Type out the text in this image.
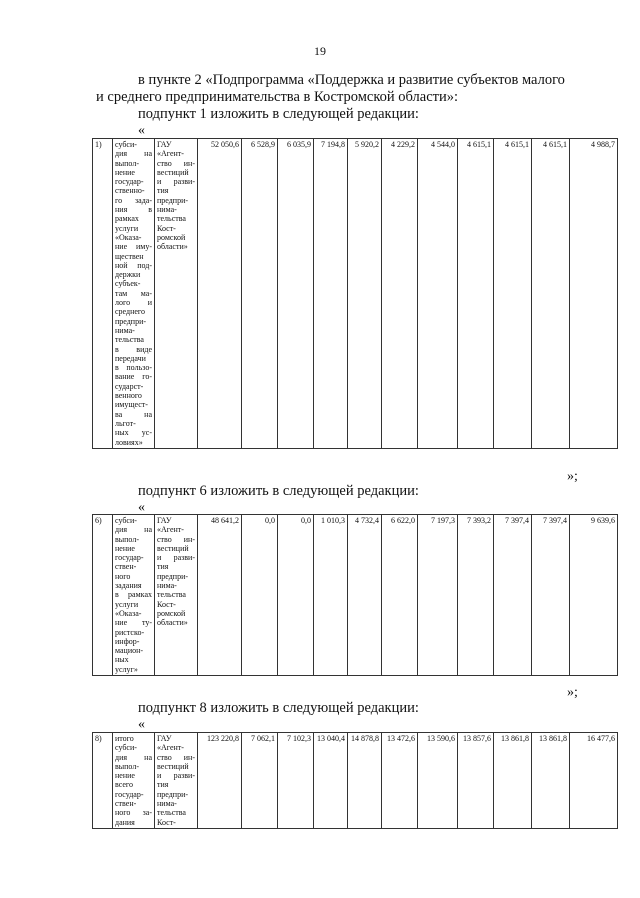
19
в пункте 2 «Подпрограмма «Поддержка и развитие субъектов малого
и среднего предпринимательства в Костромской области»:
подпункт 1 изложить в следующей редакции:
«
1)	субси-
дия на
выпол-
нение
государ-
ственно-
го зада-
ния в
рамках
услуги
«Оказа-
ние иму-
ществен
ной под-
держки
субъек-
там ма-
лого и
среднего
предпри-
нима-
тельства
в виде
передачи
в пользо-
вание го-
сударст-
венного
имущест-
ва на
льгот-
ных ус-
ловиях»

ГАУ
«Агент-
ство ин-
вестиций
и разви-
тия
предпри-
нима-
тельства
Кост-
ромской
области»
	52 050,6	6 528,9	6 035,9	7 194,8	5 920,2	4 229,2	4 544,0	4 615,1	4 615,1	4 615,1	4 988,7
»;
подпункт 6 изложить в следующей редакции:
«
6)	субси-
дия на
выпол-
нение
государ-
ствен-
ного
задания
в рамках
услуги
«Оказа-
ние ту-
ристско-
инфор-
мацион-
ных
услуг»

ГАУ
«Агент-
ство ин-
вестиций
и разви-
тия
предпри-
нима-
тельства
Кост-
ромской
области»
	48 641,2	0,0	0,0	1 010,3	4 732,4	6 622,0	7 197,3	7 393,2	7 397,4	7 397,4	9 639,6
»;
подпункт 8 изложить в следующей редакции:
«
8)	итого
субси-
дия на
выпол-
нение
всего
государ-
ствен-
ного за-
дания

ГАУ
«Агент-
ство ин-
вестиций
и разви-
тия
предпри-
нима-
тельства
Кост-
	123 220,8	7 062,1	7 102,3	13 040,4	14 878,8	13 472,6	13 590,6	13 857,6	13 861,8	13 861,8	16 477,6
